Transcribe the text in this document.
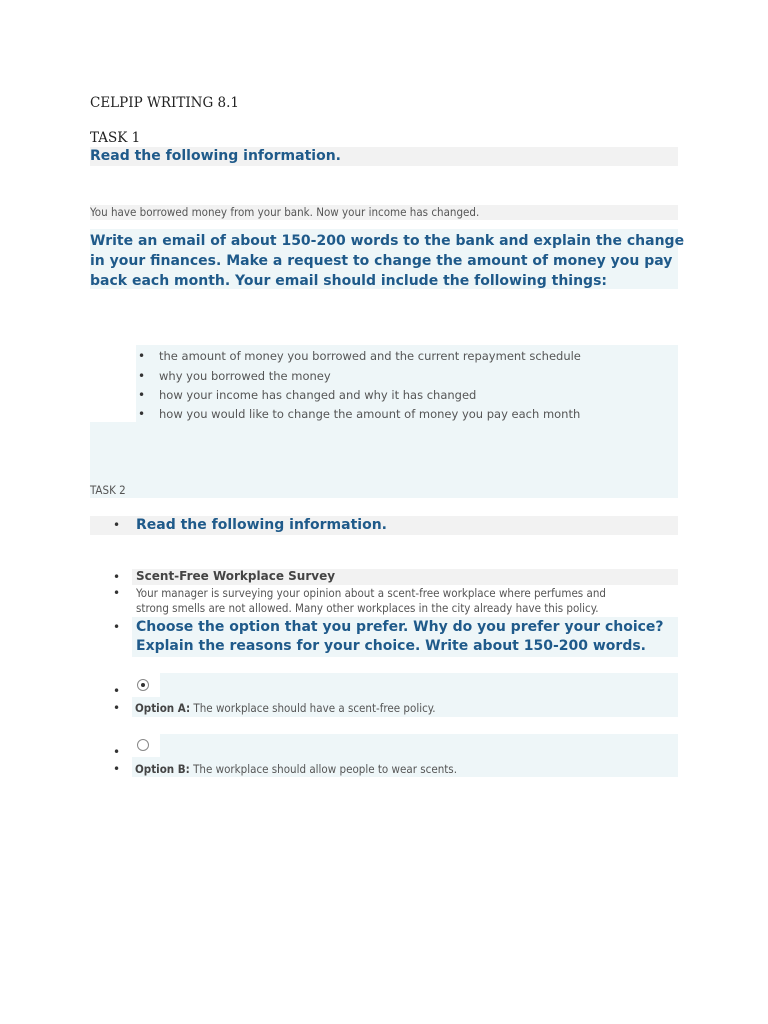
CELPIP WRITING 8.1
TASK 1
Read the following information.
You have borrowed money from your bank. Now your income has changed.
Write an email of about 150-200 words to the bank and explain the change
in your finances. Make a request to change the amount of money you pay
back each month. Your email should include the following things:
• the amount of money you borrowed and the current repayment schedule
• why you borrowed the money
• how your income has changed and why it has changed
• how you would like to change the amount of money you pay each month
TASK 2
• Read the following information.
• Scent-Free Workplace Survey
• Your manager is surveying your opinion about a scent-free workplace where perfumes and
strong smells are not allowed. Many other workplaces in the city already have this policy.
• Choose the option that you prefer. Why do you prefer your choice?
Explain the reasons for your choice. Write about 150-200 words.
•
• Option A: The workplace should have a scent-free policy.
•
• Option B: The workplace should allow people to wear scents.
